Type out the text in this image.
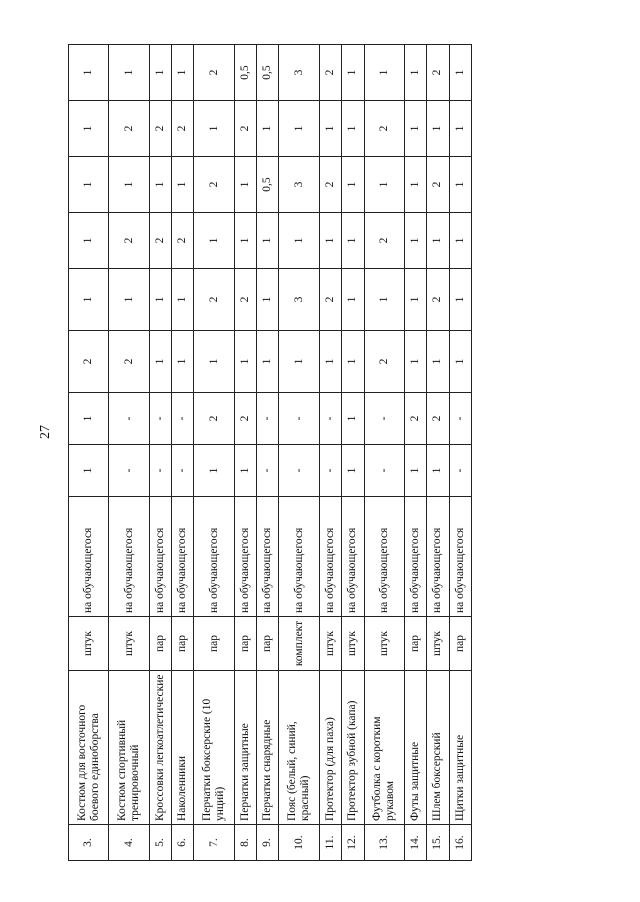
27
3.	Костюм для восточного боевого единоборства	штук	на обучающегося	1	1	2	1	1	1	1	1
4.	Костюм спортивный тренировочный	штук	на обучающегося	-	-	2	1	2	1	2	1
5.	Кроссовки легкоатлетические	пар	на обучающегося	-	-	1	1	2	1	2	1
6.	Наколенники	пар	на обучающегося	-	-	1	1	2	1	2	1
7.	Перчатки боксерские (10 унций)	пар	на обучающегося	1	2	1	2	1	2	1	2
8.	Перчатки защитные	пар	на обучающегося	1	2	1	2	1	1	2	0,5
9.	Перчатки снарядные	пар	на обучающегося	-	-	1	1	1	0,5	1	0,5
10.	Пояс (белый, синий, красный)	комплект	на обучающегося	-	-	1	3	1	3	1	3
11.	Протектор (для паха)	штук	на обучающегося	-	-	1	2	1	2	1	2
12.	Протектор зубной (капа)	штук	на обучающегося	1	1	1	1	1	1	1	1
13.	Футболка с коротким рукавом	штук	на обучающегося	-	-	2	1	2	1	2	1
14.	Футы защитные	пар	на обучающегося	1	2	1	1	1	1	1	1
15.	Шлем боксерский	штук	на обучающегося	1	2	1	2	1	2	1	2
16.	Щитки защитные	пар	на обучающегося	-	-	1	1	1	1	1	1
